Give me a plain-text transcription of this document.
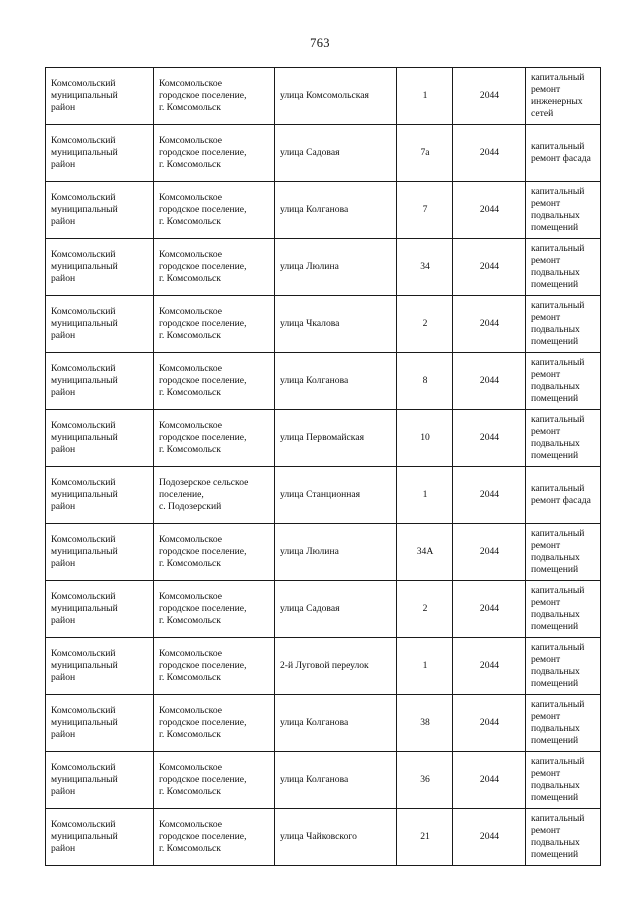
763
Комсомольский
муниципальный
район	Комсомольское
городское поселение,
г. Комсомольск	улица Комсомольская	1	2044	капитальный
ремонт
инженерных
сетей
Комсомольский
муниципальный
район	Комсомольское
городское поселение,
г. Комсомольск	улица Садовая	7а	2044	капитальный
ремонт фасада
Комсомольский
муниципальный
район	Комсомольское
городское поселение,
г. Комсомольск	улица Колганова	7	2044	капитальный
ремонт
подвальных
помещений
Комсомольский
муниципальный
район	Комсомольское
городское поселение,
г. Комсомольск	улица Люлина	34	2044	капитальный
ремонт
подвальных
помещений
Комсомольский
муниципальный
район	Комсомольское
городское поселение,
г. Комсомольск	улица Чкалова	2	2044	капитальный
ремонт
подвальных
помещений
Комсомольский
муниципальный
район	Комсомольское
городское поселение,
г. Комсомольск	улица Колганова	8	2044	капитальный
ремонт
подвальных
помещений
Комсомольский
муниципальный
район	Комсомольское
городское поселение,
г. Комсомольск	улица Первомайская	10	2044	капитальный
ремонт
подвальных
помещений
Комсомольский
муниципальный
район	Подозерское сельское
поселение,
с. Подозерский	улица Станционная	1	2044	капитальный
ремонт фасада
Комсомольский
муниципальный
район	Комсомольское
городское поселение,
г. Комсомольск	улица Люлина	34А	2044	капитальный
ремонт
подвальных
помещений
Комсомольский
муниципальный
район	Комсомольское
городское поселение,
г. Комсомольск	улица Садовая	2	2044	капитальный
ремонт
подвальных
помещений
Комсомольский
муниципальный
район	Комсомольское
городское поселение,
г. Комсомольск	2-й Луговой переулок	1	2044	капитальный
ремонт
подвальных
помещений
Комсомольский
муниципальный
район	Комсомольское
городское поселение,
г. Комсомольск	улица Колганова	38	2044	капитальный
ремонт
подвальных
помещений
Комсомольский
муниципальный
район	Комсомольское
городское поселение,
г. Комсомольск	улица Колганова	36	2044	капитальный
ремонт
подвальных
помещений
Комсомольский
муниципальный
район	Комсомольское
городское поселение,
г. Комсомольск	улица Чайковского	21	2044	капитальный
ремонт
подвальных
помещений
